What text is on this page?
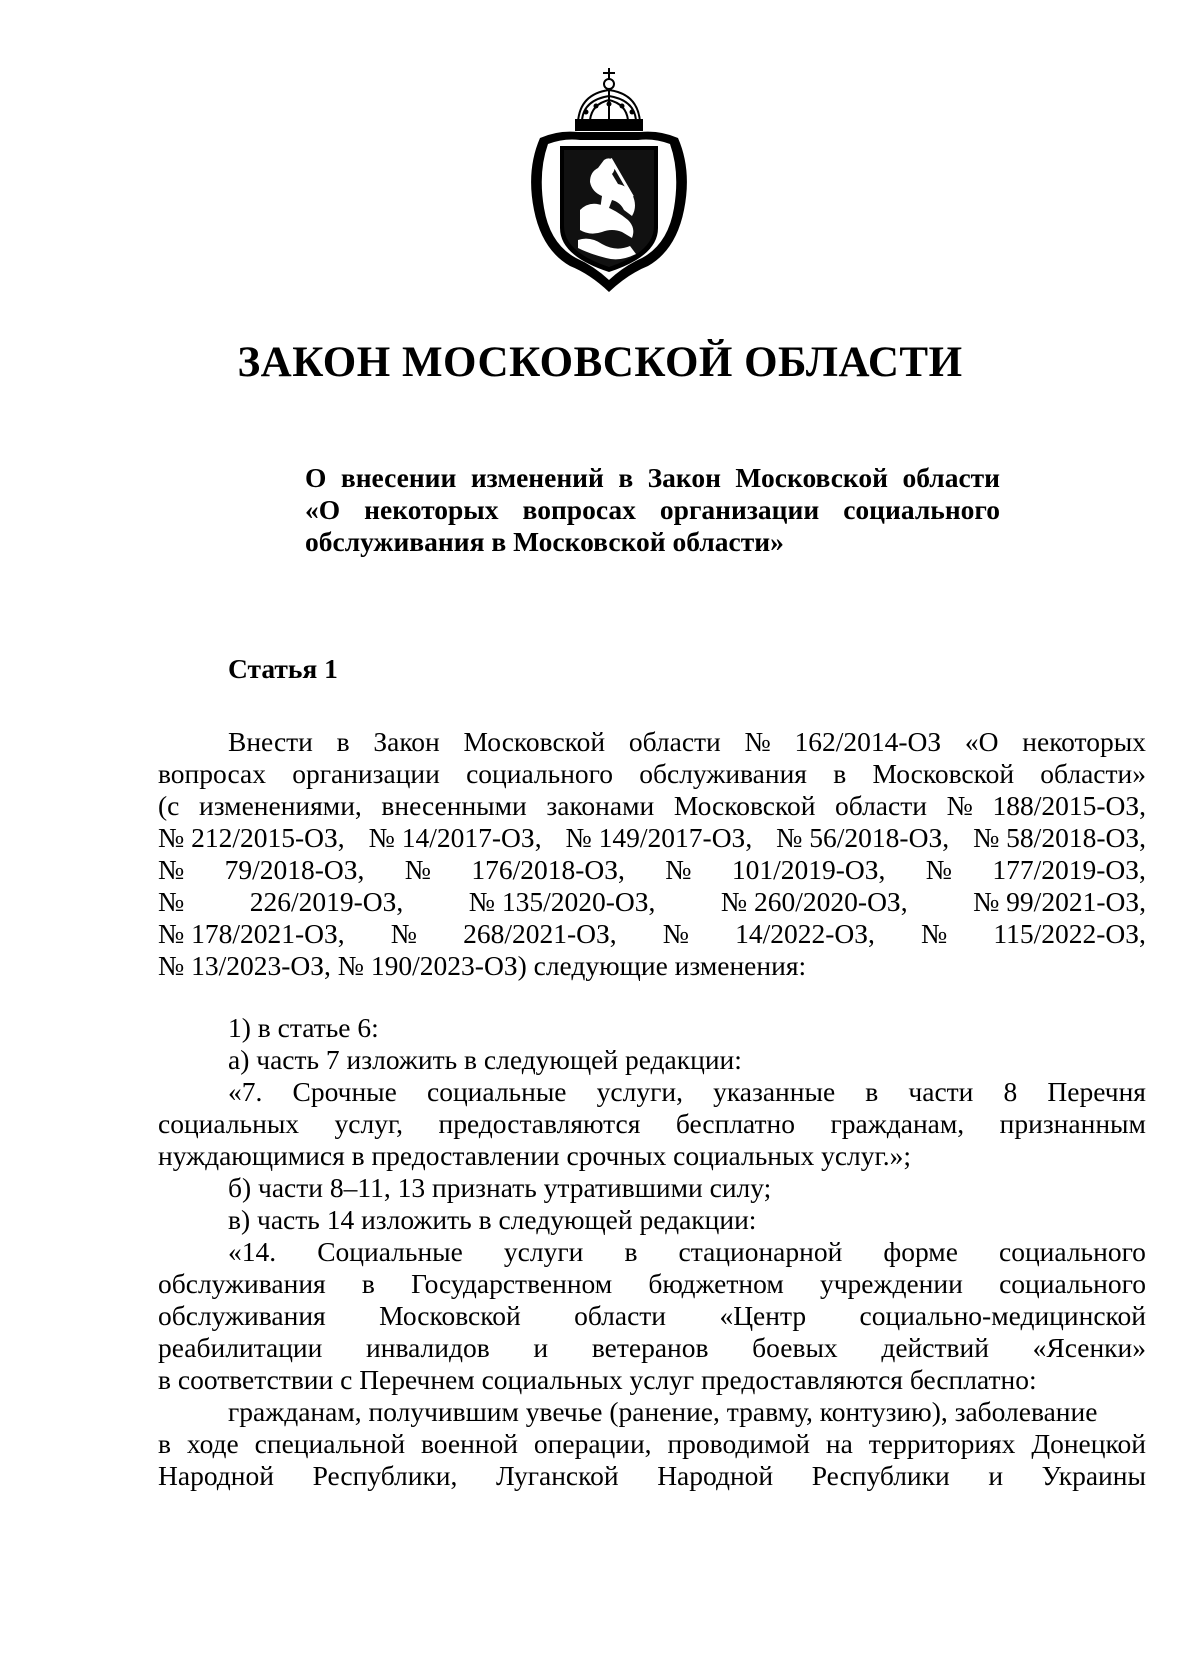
ЗАКОН МОСКОВСКОЙ ОБЛАСТИ
О внесении изменений в Закон Московской области
«О некоторых вопросах организации социального
обслуживания в Московской области»
Статья 1
Внести в Закон Московской области № 162/2014-ОЗ «О некоторых
вопросах организации социального обслуживания в Московской области»
(с изменениями, внесенными законами Московской области № 188/2015-ОЗ,
№ 212/2015-ОЗ, № 14/2017-ОЗ, № 149/2017-ОЗ, № 56/2018-ОЗ, № 58/2018-ОЗ,
№ 79/2018-ОЗ, № 176/2018-ОЗ, № 101/2019-ОЗ, № 177/2019-ОЗ,
№ 226/2019-ОЗ, № 135/2020-ОЗ, № 260/2020-ОЗ, № 99/2021-ОЗ,
№ 178/2021-ОЗ, № 268/2021-ОЗ, № 14/2022-ОЗ, № 115/2022-ОЗ,
№ 13/2023-ОЗ, № 190/2023-ОЗ) следующие изменения:
1) в статье 6:
а) часть 7 изложить в следующей редакции:
«7. Срочные социальные услуги, указанные в части 8 Перечня
социальных услуг, предоставляются бесплатно гражданам, признанным
нуждающимися в предоставлении срочных социальных услуг.»;
б) части 8–11, 13 признать утратившими силу;
в) часть 14 изложить в следующей редакции:
«14. Социальные услуги в стационарной форме социального
обслуживания в Государственном бюджетном учреждении социального
обслуживания Московской области «Центр социально-медицинской
реабилитации инвалидов и ветеранов боевых действий «Ясенки»
в соответствии с Перечнем социальных услуг предоставляются бесплатно:
гражданам, получившим увечье (ранение, травму, контузию), заболевание
в ходе специальной военной операции, проводимой на территориях Донецкой
Народной Республики, Луганской Народной Республики и Украины
